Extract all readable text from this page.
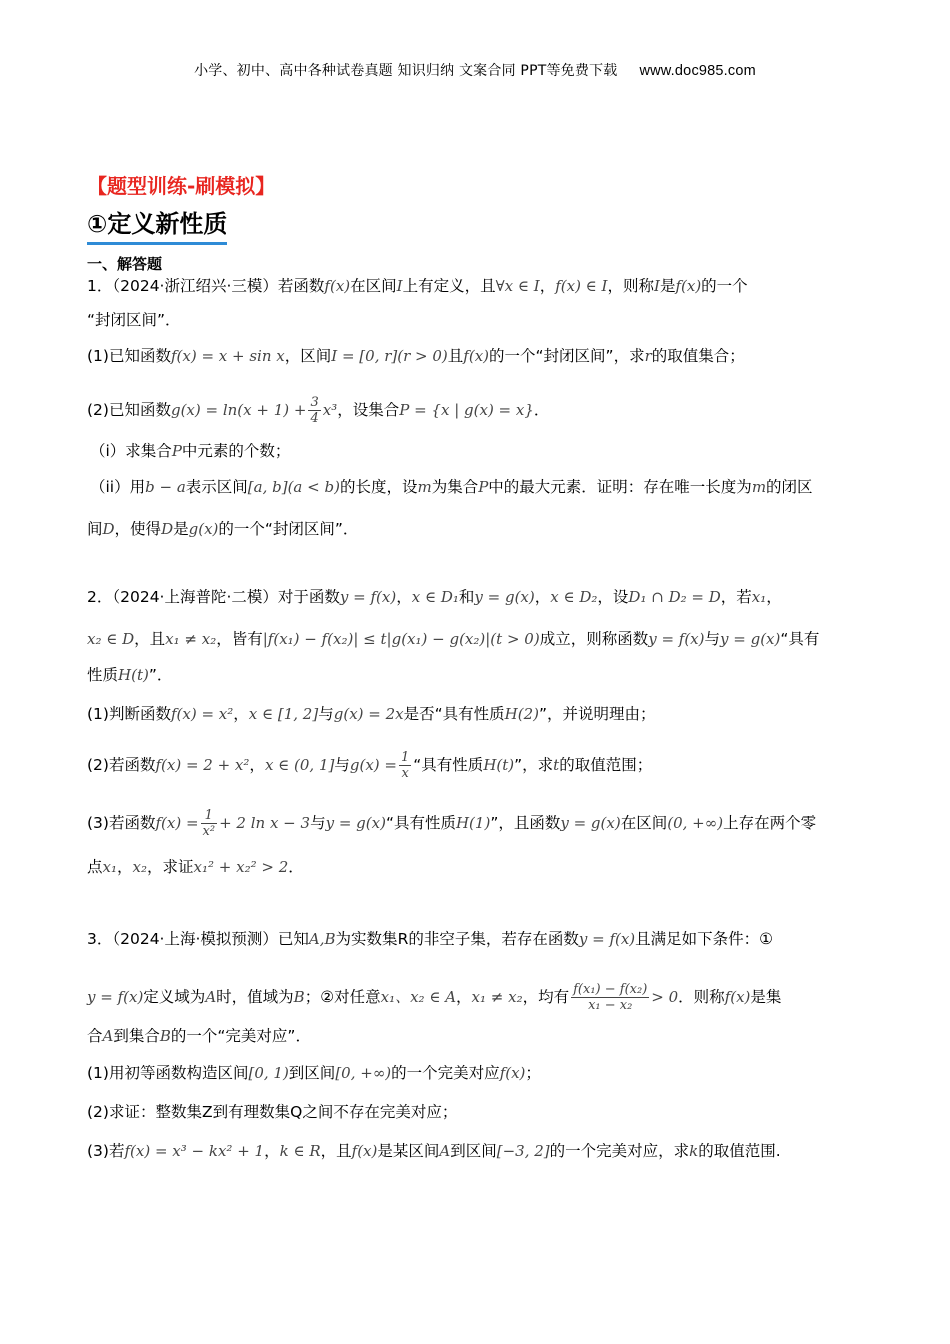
小学、初中、高中各种试卷真题 知识归纳 文案合同 PPT等免费下载 www.doc985.com
【题型训练-刷模拟】
①定义新性质
一、解答题
1．（2024·浙江绍兴·三模）若函数f(x)在区间I上有定义，且∀x ∈ I，f(x) ∈ I，则称I是f(x)的一个
“封闭区间”．
(1)已知函数f(x) = x + sin x，区间I = [0, r](r > 0)且f(x)的一个“封闭区间”，求r的取值集合；
(2)已知函数$g(x) = \ln(x + 1) + \frac{3}{4} x^3$，设集合P = {x | g(x) = x}．
（i）求集合P中元素的个数；
（ii）用b − a表示区间[a, b](a < b)的长度，设m为集合P中的最大元素．证明：存在唯一长度为m的闭区
间D，使得D是g(x)的一个“封闭区间”．
2．（2024·上海普陀·二模）对于函数y = f(x)，x ∈ D₁和y = g(x)，x ∈ D₂，设D₁ ∩ D₂ = D，若x₁，
x₂ ∈ D，且x₁ ≠ x₂，皆有|f(x₁) − f(x₂)| ≤ t|g(x₁) − g(x₂)|(t > 0)成立，则称函数y = f(x)与y = g(x)“具有
性质H(t)”．
(1)判断函数f(x) = x²，x ∈ [1, 2]与g(x) = 2x是否“具有性质H(2)”，并说明理由；
(2)若函数f(x) = 2 + x²，x ∈ (0, 1]与$g(x) = \frac{1}{x}$ “具有性质H(t)”，求t的取值范围；
(3)若函数$f(x) = \frac{1}{\text{x²}} + 2$ ln x − 3与y = g(x)“具有性质H(1)”，且函数y = g(x)在区间(0, +∞)上存在两个零
点x₁，x₂，求证x₁² + x₂² > 2．
3．（2024·上海·模拟预测）已知A,B为实数集R的非空子集，若存在函数y = f(x)且满足如下条件：①
y = f(x)定义域为A时，值域为B；②对任意x₁、x₂ ∈ A，x₁ ≠ x₂，均有 $\frac{\text{f(x₁) − f(x₂)}}{\text{x₁ − x₂}} > 0$．则称f(x)是集
合A到集合B的一个“完美对应”．
(1)用初等函数构造区间[0, 1)到区间[0, +∞)的一个完美对应f(x)；
(2)求证：整数集Z到有理数集Q之间不存在完美对应；
(3)若f(x) = x³ − kx² + 1，k ∈ R，且f(x)是某区间A到区间[−3, 2]的一个完美对应，求k的取值范围.
